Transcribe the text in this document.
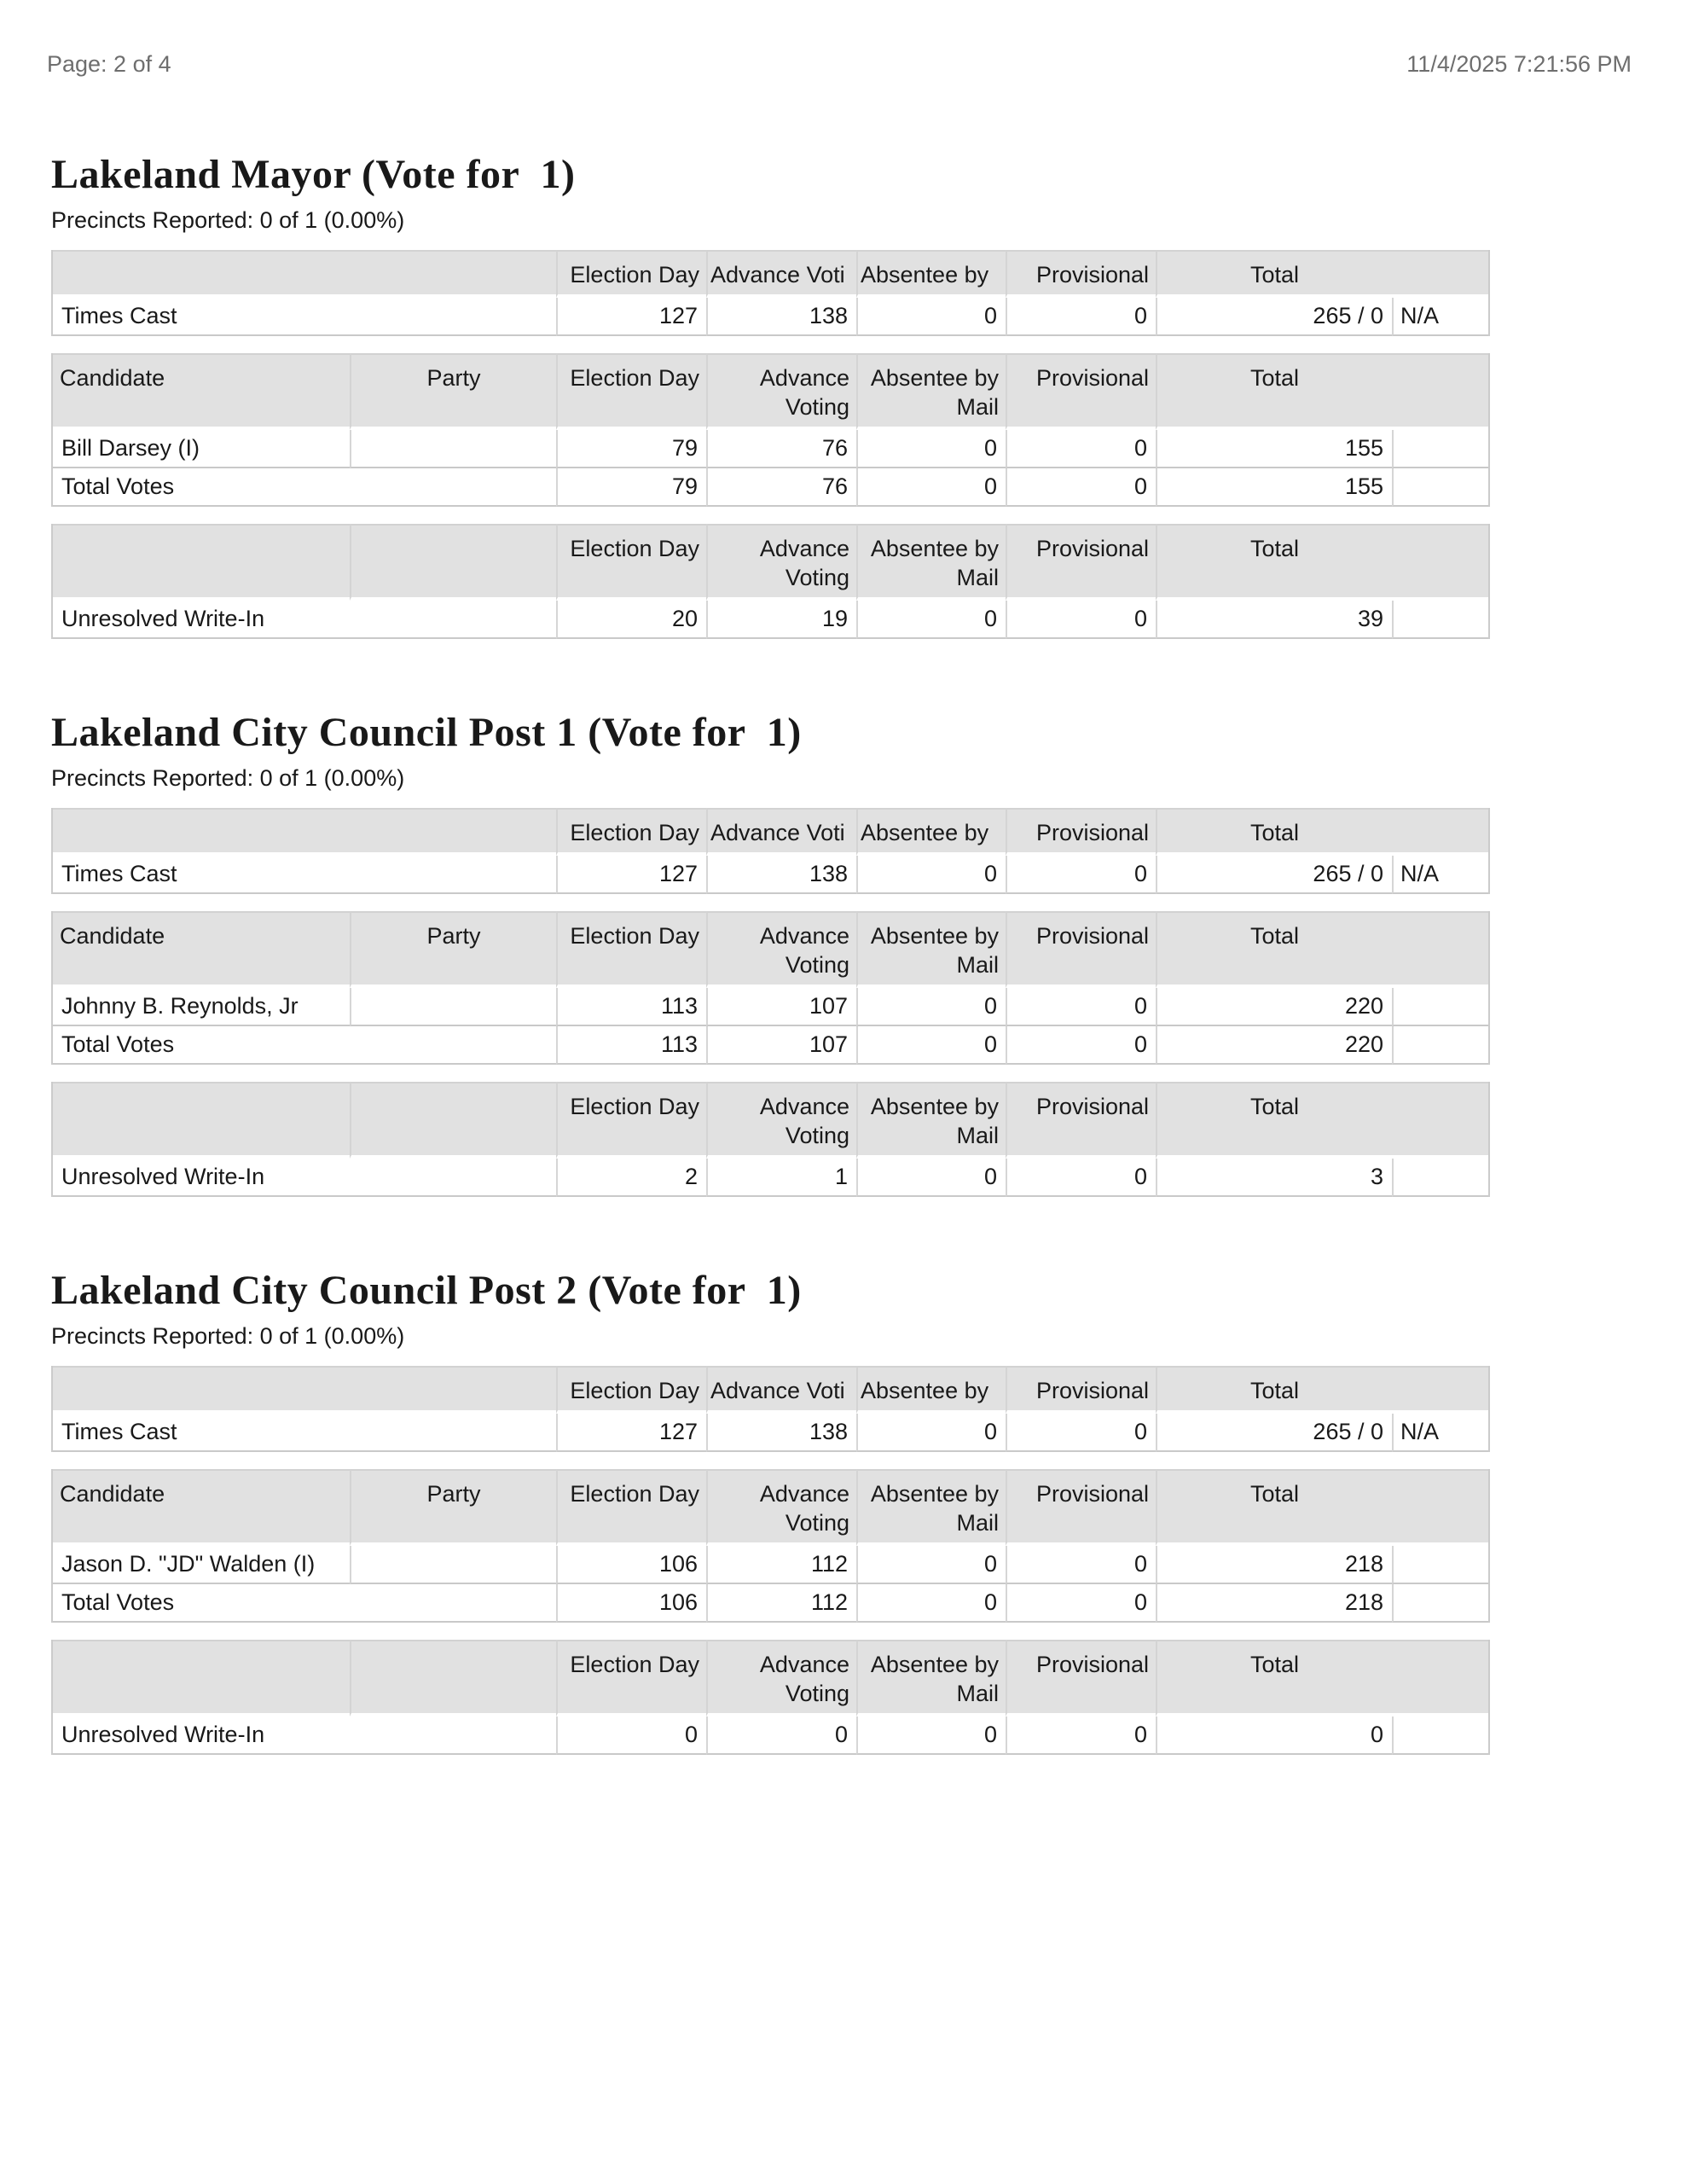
Page: 2 of 4	11/4/2025 7:21:56 PM
Lakeland Mayor (Vote for  1)
Precincts Reported: 0 of 1 (0.00%)
	Election Day	Advance Voti	Absentee by	Provisional	Total	
Times Cast	127	138	0	0	265 / 0	N/A
Candidate	Party	Election Day	Advance Voting	Absentee by Mail	Provisional	Total	
Bill Darsey (I)		79	76	0	0	155	
Total Votes		79	76	0	0	155	
		Election Day	Advance Voting	Absentee by Mail	Provisional	Total	
Unresolved Write-In		20	19	0	0	39	
Lakeland City Council Post 1 (Vote for  1)
Precincts Reported: 0 of 1 (0.00%)
	Election Day	Advance Voti	Absentee by	Provisional	Total	
Times Cast	127	138	0	0	265 / 0	N/A
Candidate	Party	Election Day	Advance Voting	Absentee by Mail	Provisional	Total	
Johnny B. Reynolds, Jr		113	107	0	0	220	
Total Votes		113	107	0	0	220	
		Election Day	Advance Voting	Absentee by Mail	Provisional	Total	
Unresolved Write-In		2	1	0	0	3	
Lakeland City Council Post 2 (Vote for  1)
Precincts Reported: 0 of 1 (0.00%)
	Election Day	Advance Voti	Absentee by	Provisional	Total	
Times Cast	127	138	0	0	265 / 0	N/A
Candidate	Party	Election Day	Advance Voting	Absentee by Mail	Provisional	Total	
Jason D. "JD" Walden (I)		106	112	0	0	218	
Total Votes		106	112	0	0	218	
		Election Day	Advance Voting	Absentee by Mail	Provisional	Total	
Unresolved Write-In		0	0	0	0	0	
